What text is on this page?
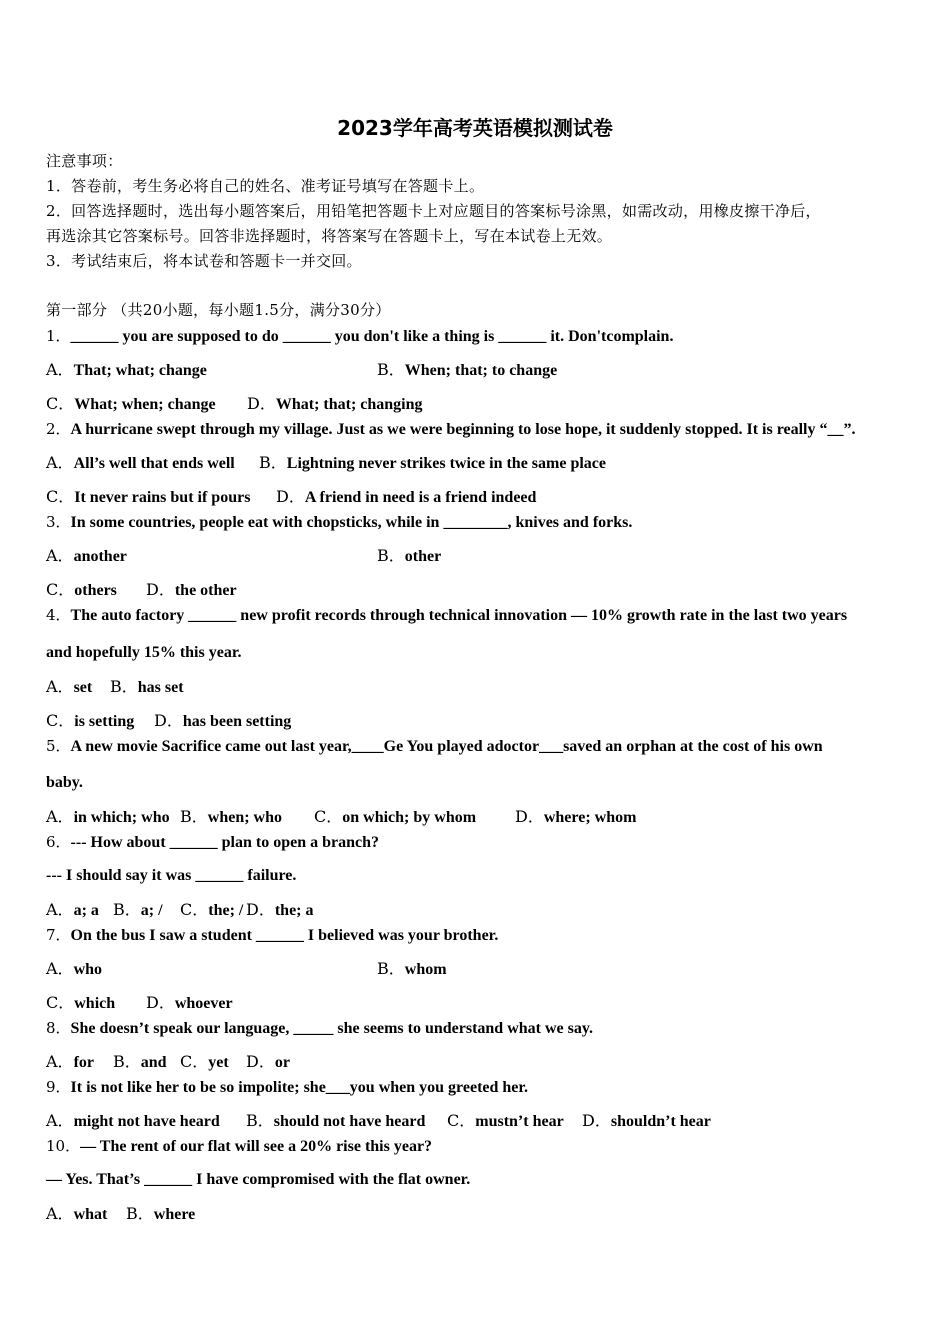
2023学年高考英语模拟测试卷
注意事项：
1．答卷前，考生务必将自己的姓名、准考证号填写在答题卡上。
2．回答选择题时，选出每小题答案后，用铅笔把答题卡上对应题目的答案标号涂黑，如需改动，用橡皮擦干净后，
再选涂其它答案标号。回答非选择题时，将答案写在答题卡上，写在本试卷上无效。
3．考试结束后，将本试卷和答题卡一并交回。
第一部分 （共20小题，每小题1.5分，满分30分）
1．______ you are supposed to do ______ you don't like a thing is ______ it. Don'tcomplain.
A．That; what; change	B．When; that; to change
C．What; when; change D．What; that; changing
2．A hurricane swept through my village. Just as we were beginning to lose hope, it suddenly stopped. It is really “__”.
A．All’s well that ends well B．Lightning never strikes twice in the same place
C．It never rains but if pours D．A friend in need is a friend indeed
3．In some countries, people eat with chopsticks, while in ________, knives and forks.
A．another	B．other
C．others D．the other
4．The auto factory ______ new profit records through technical innovation — 10% growth rate in the last two years
and hopefully 15% this year.
A．set B．has set
C．is setting D．has been setting
5．A new movie Sacrifice came out last year,____Ge You played adoctor___saved an orphan at the cost of his own
baby.
A．in which; who B．when; who C．on which; by whom D．where; whom
6．--- How about ______ plan to open a branch?
--- I should say it was ______ failure.
A．a; a B．a; / C．the; / D．the; a
7．On the bus I saw a student ______ I believed was your brother.
A．who	B．whom
C．which D．whoever
8．She doesn’t speak our language, _____ she seems to understand what we say.
A．for B．and C．yet D．or
9．It is not like her to be so impolite; she___you when you greeted her.
A．might not have heard B．should not have heard C．mustn’t hear D．shouldn’t hear
10．— The rent of our flat will see a 20% rise this year?
— Yes. That’s ______ I have compromised with the flat owner.
A．what B．where
